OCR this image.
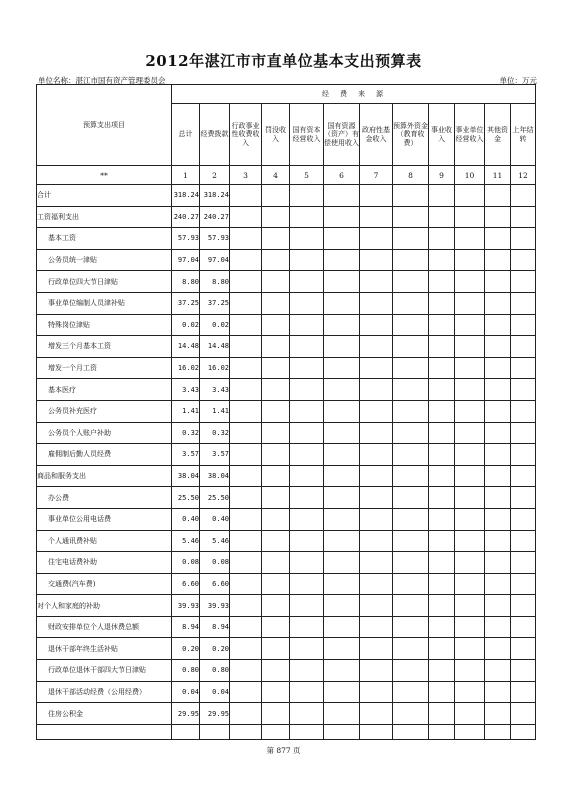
2012年湛江市市直单位基本支出预算表
单位名称：湛江市国有资产管理委员会	单位：万元
预算支出项目	经　费　来　源											
	总计	经费拨款	行政事业性收费收入	罚没收入	国有资本经营收入	国有资源（资产）有偿使用收入	政府性基金收入	预算外资金（教育收费）	事业收入	事业单位经营收入	其他资金	上年结转
**	1	2	3	4	5	6	7	8	9	10	11	12
合计	318.24	318.24										
工资福利支出	240.27	240.27										
基本工资	57.93	57.93										
公务员统一津贴	97.04	97.04										
行政单位四大节日津贴	8.80	8.80										
事业单位编制人员津补贴	37.25	37.25										
特殊岗位津贴	0.02	0.02										
增发三个月基本工资	14.48	14.48										
增发一个月工资	16.02	16.02										
基本医疗	3.43	3.43										
公务员补充医疗	1.41	1.41										
公务员个人账户补助	0.32	0.32										
雇佣制后勤人员经费	3.57	3.57										
商品和服务支出	38.04	38.04										
办公费	25.50	25.50										
事业单位公用电话费	0.40	0.40										
个人通讯费补贴	5.46	5.46										
住宅电话费补助	0.08	0.08										
交通费(汽车费)	6.60	6.60										
对个人和家庭的补助	39.93	39.93										
财政安排单位个人退休费总额	8.94	8.94										
退休干部年终生活补贴	0.20	0.20										
行政单位退休干部四大节日津贴	0.80	0.80										
退休干部活动经费（公用经费）	0.04	0.04										
住房公积金	29.95	29.95										

第 877 页
